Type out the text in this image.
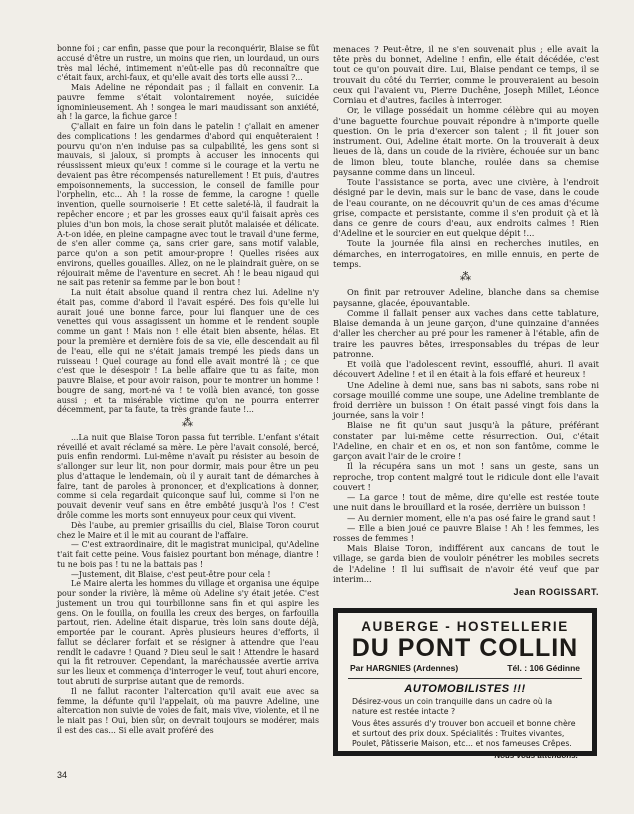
bonne foi ; car enfin, passe que pour la reconquérir, Blaise se fût accusé d'être un rustre, un moins que rien, un lourdaud, un ours très mal léché, intimement n'eût-elle pas dû reconnaître que c'était faux, archi-faux, et qu'elle avait des torts elle aussi ?...

Mais Adeline ne répondait pas ; il fallait en convenir. La pauvre femme s'était volontairement noyée, suicidée ignominieusement. Ah ! songea le mari maudissant son anxiété, ah ! la garce, la fichue garce !

Ç'allait en faire un foin dans le patelin ! ç'allait en amener des complications ! les gendarmes d'abord qui enquêteraient ! pourvu qu'on n'en induise pas sa culpabilité, les gens sont si mauvais, si jaloux, si prompts à accuser les innocents qui réussissent mieux qu'eux ! comme si le courage et la vertu ne devaient pas être récompensés naturellement ! Et puis, d'autres empoisonnements, la succession, le conseil de famille pour l'orphelin, etc... Ah ! la rosse de femme, la carogne ! quelle invention, quelle sournoiserie ! Et cette saleté-là, il faudrait la repêcher encore ; et par les grosses eaux qu'il faisait après ces pluies d'un bon mois, la chose serait plutôt malaisée et délicate. A-t-on idée, en pleine campagne avec tout le travail d'une ferme, de s'en aller comme ça, sans crier gare, sans motif valable, parce qu'on a son petit amour-propre ! Quelles risées aux environs, quelles gouailles. Allez, on ne le plaindrait guère, on se réjouirait même de l'aventure en secret. Ah ! le beau nigaud qui ne sait pas retenir sa femme par le bon bout !

La nuit était absolue quand il rentra chez lui. Adeline n'y était pas, comme d'abord il l'avait espéré. Des fois qu'elle lui aurait joué une bonne farce, pour lui flanquer une de ces venettes qui vous assagissent un homme et le rendent souple comme un gant ! Mais non ! elle était bien absente, hélas. Et pour la première et dernière fois de sa vie, elle descendait au fil de l'eau, elle qui ne s'était jamais trempé les pieds dans un ruisseau ! Quel courage au fond elle avait montré là ; ce que c'est que le désespoir ! La belle affaire que tu as faite, mon pauvre Blaise, et pour avoir raison, pour te montrer un homme ! bougre de sang, mort-né va ! te voilà bien avancé, ton gosse aussi ; et ta misérable victime qu'on ne pourra enterrer décemment, par ta faute, ta très grande faute !...

⁂

...La nuit que Blaise Toron passa fut terrible. L'enfant s'était réveillé et avait réclamé sa mère. Le père l'avait consolé, bercé, puis enfin rendormi. Lui-même n'avait pu résister au besoin de s'allonger sur leur lit, non pour dormir, mais pour être un peu plus d'attaque le lendemain, où il y aurait tant de démarches à faire, tant de paroles à prononcer, et d'explications à donner, comme si cela regardait quiconque sauf lui, comme si l'on ne pouvait devenir veuf sans en être embêté jusqu'à l'os ! C'est drôle comme les morts sont ennuyeux pour ceux qui vivent.

Dès l'aube, au premier grisaillis du ciel, Blaise Toron courut chez le Maire et il le mit au courant de l'affaire.

— C'est extraordinaire, dit le magistrat municipal, qu'Adeline t'ait fait cette peine. Vous faisiez pourtant bon ménage, diantre ! tu ne bois pas ! tu ne la battais pas !

—Justement, dit Blaise, c'est peut-être pour cela !

Le Maire alerta les hommes du village et organisa une équipe pour sonder la rivière, là même où Adeline s'y était jetée. C'est justement un trou qui tourbillonne sans fin et qui aspire les gens. On le fouilla, on fouilla les creux des berges, on farfouilla partout, rien. Adeline était disparue, très loin sans doute déjà, emportée par le courant. Après plusieurs heures d'efforts, il fallut se déclarer forfait et se résigner à attendre que l'eau rendît le cadavre ! Quand ? Dieu seul le sait ! Attendre le hasard qui la fit retrouver. Cependant, la maréchaussée avertie arriva sur les lieux et commença d'interroger le veuf, tout ahuri encore, tout abruti de surprise autant que de remords.

Il ne fallut raconter l'altercation qu'il avait eue avec sa femme, la défunte qu'il l'appelait, où ma pauvre Adeline, une altercation non suivie de voies de fait, mais vive, violente, et il ne le niait pas ! Oui, bien sûr, on devrait toujours se modérer, mais il est des cas... Si elle avait proféré des

menaces ? Peut-être, il ne s'en souvenait plus ; elle avait la tête près du bonnet, Adeline ! enfin, elle était décédée, c'est tout ce qu'on pouvait dire. Lui, Blaise pendant ce temps, il se trouvait du côté du Terrier, comme le prouveraient au besoin ceux qui l'avaient vu, Pierre Duchêne, Joseph Millet, Léonce Corniau et d'autres, faciles à interroger.

Or, le village possédait un homme célèbre qui au moyen d'une baguette fourchue pouvait répondre à n'importe quelle question. On le pria d'exercer son talent ; il fit jouer son instrument. Oui, Adeline était morte. On la trouverait à deux lieues de là, dans un coude de la rivière, échouée sur un banc de limon bleu, toute blanche, roulée dans sa chemise paysanne comme dans un linceul.

Toute l'assistance se porta, avec une civière, à l'endroit désigné par le devin, mais sur le banc de vase, dans le coude de l'eau courante, on ne découvrit qu'un de ces amas d'écume grise, compacte et persistante, comme il s'en produit çà et là dans ce genre de cours d'eau, aux endroits calmes ! Rien d'Adeline et le sourcier en eut quelque dépit !...

Toute la journée fila ainsi en recherches inutiles, en démarches, en interrogatoires, en mille ennuis, en perte de temps.

⁂

On finit par retrouver Adeline, blanche dans sa chemise paysanne, glacée, épouvantable.

Comme il fallait penser aux vaches dans cette tablature, Blaise demanda à un jeune garçon, d'une quinzaine d'années d'aller les chercher au pré pour les ramener à l'étable, afin de traire les pauvres bêtes, irresponsables du trépas de leur patronne.

Et voilà que l'adolescent revint, essoufflé, ahuri. Il avait découvert Adeline ! et il en était à la fois effaré et heureux !

Une Adeline à demi nue, sans bas ni sabots, sans robe ni corsage mouillé comme une soupe, une Adeline tremblante de froid derrière un buisson ! On était passé vingt fois dans la journée, sans la voir !

Blaise ne fit qu'un saut jusqu'à la pâture, préférant constater par lui-même cette résurrection. Oui, c'était l'Adeline, en chair et en os, et non son fantôme, comme le garçon avait l'air de le croire !

Il la récupéra sans un mot ! sans un geste, sans un reproche, trop content malgré tout le ridicule dont elle l'avait couvert !

— La garce ! tout de même, dire qu'elle est restée toute une nuit dans le brouillard et la rosée, derrière un buisson !

— Au dernier moment, elle n'a pas osé faire le grand saut !

— Elle a bien joué ce pauvre Blaise ! Ah ! les femmes, les rosses de femmes !

Mais Blaise Toron, indifférent aux cancans de tout le village, se garda bien de vouloir pénétrer les mobiles secrets de l'Adeline ! Il lui suffisait de n'avoir été veuf que par interim...

Jean ROGISSART.
AUBERGE - HOSTELLERIE
DU PONT COLLIN
Par HARGNIES (Ardennes)	Tél. : 106 Gédinne
AUTOMOBILISTES !!!

Désirez-vous un coin tranquille dans un cadre où la nature est restée intacte ?

Vous êtes assurés d'y trouver bon accueil et bonne chère et surtout des prix doux. Spécialités : Truites vivantes, Poulet, Pâtisserie Maison, etc... et nos fameuses Crêpes.

Nous vous attendons.
34
